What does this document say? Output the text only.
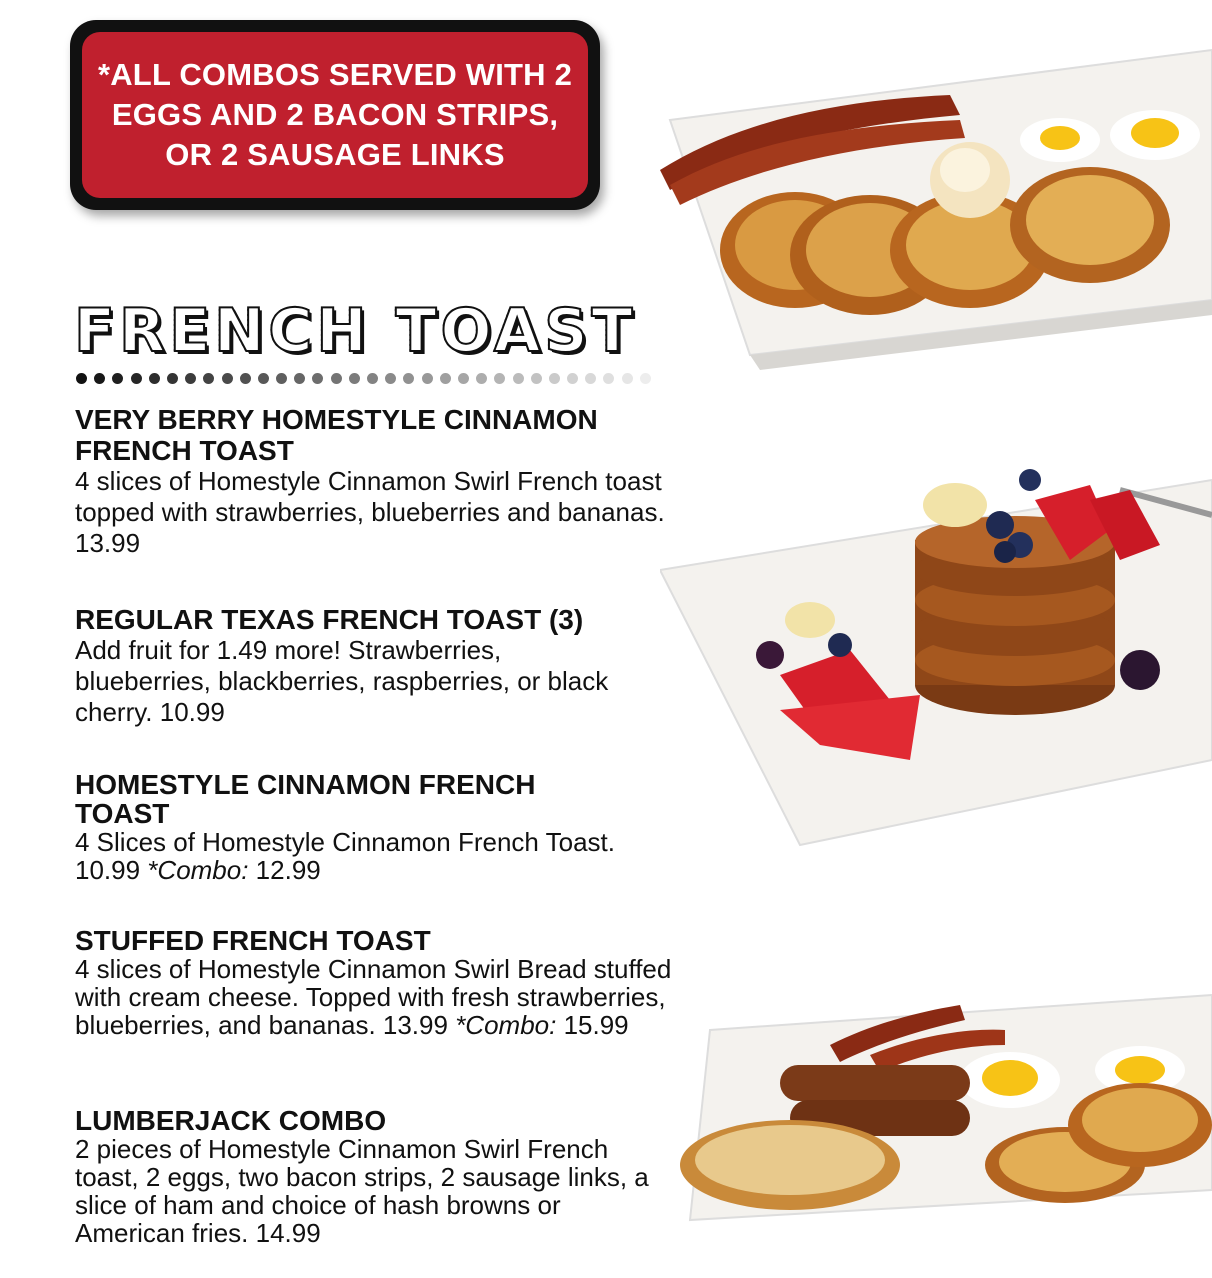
*ALL COMBOS SERVED WITH 2
EGGS AND 2 BACON STRIPS,
OR 2 SAUSAGE LINKS
FRENCH TOAST
VERY BERRY HOMESTYLE CINNAMON FRENCH TOAST
4 slices of Homestyle Cinnamon Swirl French toast topped with strawberries, blueberries and bananas. 13.99
REGULAR TEXAS FRENCH TOAST (3)
Add fruit for 1.49 more! Strawberries, blueberries, blackberries, raspberries, or black cherry. 10.99
HOMESTYLE CINNAMON FRENCH TOAST
4 Slices of Homestyle Cinnamon French Toast. 10.99 *Combo: 12.99
STUFFED FRENCH TOAST
4 slices of Homestyle Cinnamon Swirl Bread stuffed with cream cheese. Topped with fresh strawberries, blueberries, and bananas. 13.99 *Combo: 15.99
LUMBERJACK COMBO
2 pieces of Homestyle Cinnamon Swirl French toast, 2 eggs, two bacon strips, 2 sausage links, a slice of ham and choice of hash browns or American fries. 14.99
